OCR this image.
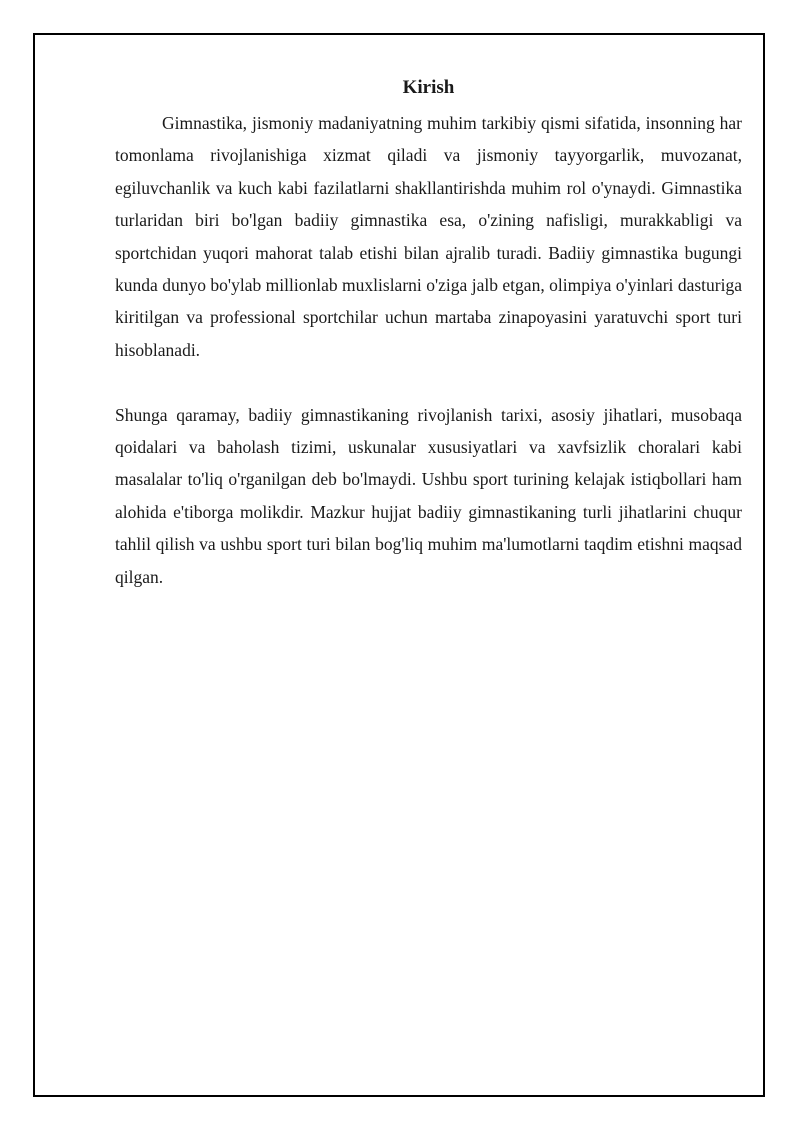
Kirish

Gimnastika, jismoniy madaniyatning muhim tarkibiy qismi sifatida, insonning har tomonlama rivojlanishiga xizmat qiladi va jismoniy tayyorgarlik, muvozanat, egiluvchanlik va kuch kabi fazilatlarni shakllantirishda muhim rol o'ynaydi. Gimnastika turlaridan biri bo'lgan badiiy gimnastika esa, o'zining nafisligi, murakkabligi va sportchidan yuqori mahorat talab etishi bilan ajralib turadi. Badiiy gimnastika bugungi kunda dunyo bo'ylab millionlab muxlislarni o'ziga jalb etgan, olimpiya o'yinlari dasturiga kiritilgan va professional sportchilar uchun martaba zinapoyasini yaratuvchi sport turi hisoblanadi.

Shunga qaramay, badiiy gimnastikaning rivojlanish tarixi, asosiy jihatlari, musobaqa qoidalari va baholash tizimi, uskunalar xususiyatlari va xavfsizlik choralari kabi masalalar to'liq o'rganilgan deb bo'lmaydi. Ushbu sport turining kelajak istiqbollari ham alohida e'tiborga molikdir. Mazkur hujjat badiiy gimnastikaning turli jihatlarini chuqur tahlil qilish va ushbu sport turi bilan bog'liq muhim ma'lumotlarni taqdim etishni maqsad qilgan.
